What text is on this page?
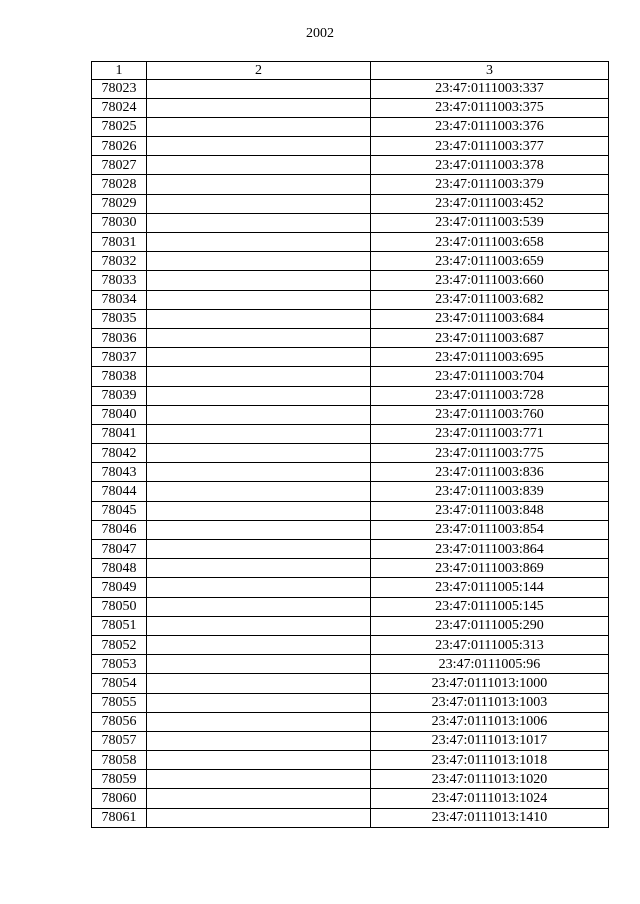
2002
1	2	3
78023		23:47:0111003:337
78024		23:47:0111003:375
78025		23:47:0111003:376
78026		23:47:0111003:377
78027		23:47:0111003:378
78028		23:47:0111003:379
78029		23:47:0111003:452
78030		23:47:0111003:539
78031		23:47:0111003:658
78032		23:47:0111003:659
78033		23:47:0111003:660
78034		23:47:0111003:682
78035		23:47:0111003:684
78036		23:47:0111003:687
78037		23:47:0111003:695
78038		23:47:0111003:704
78039		23:47:0111003:728
78040		23:47:0111003:760
78041		23:47:0111003:771
78042		23:47:0111003:775
78043		23:47:0111003:836
78044		23:47:0111003:839
78045		23:47:0111003:848
78046		23:47:0111003:854
78047		23:47:0111003:864
78048		23:47:0111003:869
78049		23:47:0111005:144
78050		23:47:0111005:145
78051		23:47:0111005:290
78052		23:47:0111005:313
78053		23:47:0111005:96
78054		23:47:0111013:1000
78055		23:47:0111013:1003
78056		23:47:0111013:1006
78057		23:47:0111013:1017
78058		23:47:0111013:1018
78059		23:47:0111013:1020
78060		23:47:0111013:1024
78061		23:47:0111013:1410
